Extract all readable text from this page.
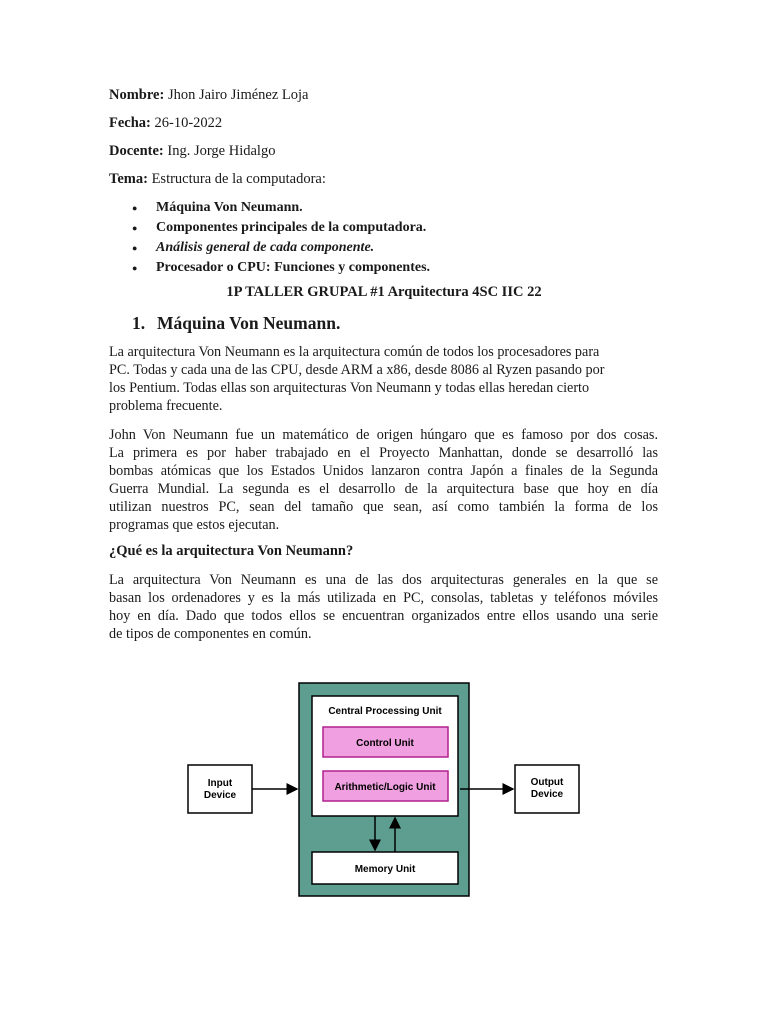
Nombre: Jhon Jairo Jiménez Loja
Fecha: 26-10-2022
Docente: Ing. Jorge Hidalgo
Tema: Estructura de la computadora:
● Máquina Von Neumann.
● Componentes principales de la computadora.
● Análisis general de cada componente.
● Procesador o CPU: Funciones y componentes.
1P TALLER GRUPAL #1 Arquitectura 4SC IIC 22
1. Máquina Von Neumann.
La arquitectura Von Neumann es la arquitectura común de todos los procesadores para
PC. Todas y cada una de las CPU, desde ARM a x86, desde 8086 al Ryzen pasando por
los Pentium. Todas ellas son arquitecturas Von Neumann y todas ellas heredan cierto
problema frecuente.
John Von Neumann fue un matemático de origen húngaro que es famoso por dos cosas.
La primera es por haber trabajado en el Proyecto Manhattan, donde se desarrolló las
bombas atómicas que los Estados Unidos lanzaron contra Japón a finales de la Segunda
Guerra Mundial. La segunda es el desarrollo de la arquitectura base que hoy en día
utilizan nuestros PC, sean del tamaño que sean, así como también la forma de los
programas que estos ejecutan.
¿Qué es la arquitectura Von Neumann?
La arquitectura Von Neumann es una de las dos arquitecturas generales en la que se
basan los ordenadores y es la más utilizada en PC, consolas, tabletas y teléfonos móviles
hoy en día. Dado que todos ellos se encuentran organizados entre ellos usando una serie
de tipos de componentes en común.
Central Processing Unit
Control Unit
Arithmetic/Logic Unit
Memory Unit
Input
Device
Output
Device
